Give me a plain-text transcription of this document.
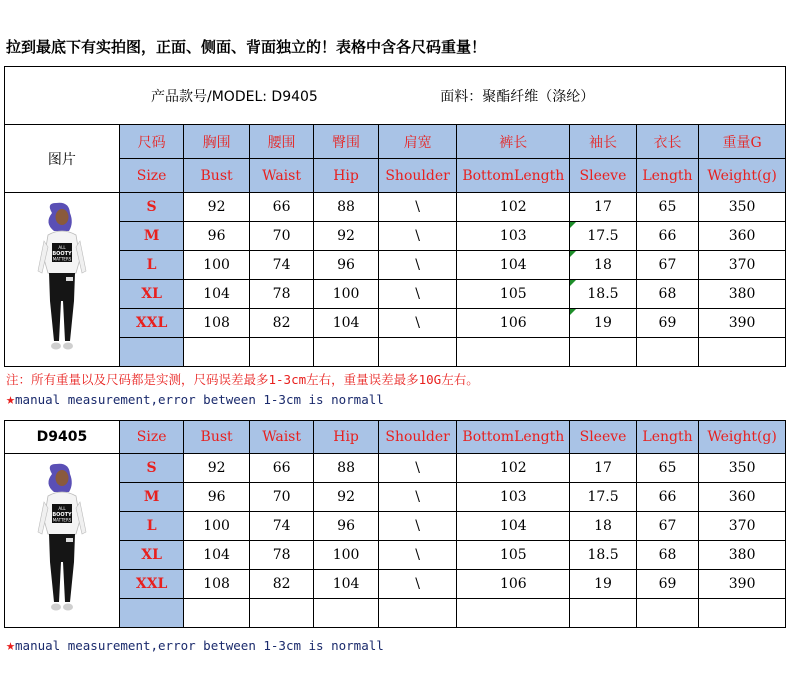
拉到最底下有实拍图，正面、侧面、背面独立的！表格中含各尺码重量！
产品款号/MODEL: D9405 面料：聚酯纤维（涤纶）									
图片	尺码	胸围	腰围	臀围	肩宽	裤长	袖长	衣长	重量G
	Size	Bust	Waist	Hip	Shoulder	BottomLength	Sleeve	Length	Weight(g)

ALL
BOOTY
MATTERS	S	92	66	88	\	102	17	65	350
	M	96	70	92	\	103	17.5	66	360
	L	100	74	96	\	104	18	67	370
	XL	104	78	100	\	105	18.5	68	380
	XXL	108	82	104	\	106	19	69	390

注：所有重量以及尺码都是实测，尺码误差最多1-3cm左右，重量误差最多10G左右。
★manual measurement,error between 1-3cm is normall
D9405	Size	Bust	Waist	Hip	Shoulder	BottomLength	Sleeve	Length	Weight(g)

ALL
BOOTY
MATTERS	S	92	66	88	\	102	17	65	350
	M	96	70	92	\	103	17.5	66	360
	L	100	74	96	\	104	18	67	370
	XL	104	78	100	\	105	18.5	68	380
	XXL	108	82	104	\	106	19	69	390

★manual measurement,error between 1-3cm is normall
